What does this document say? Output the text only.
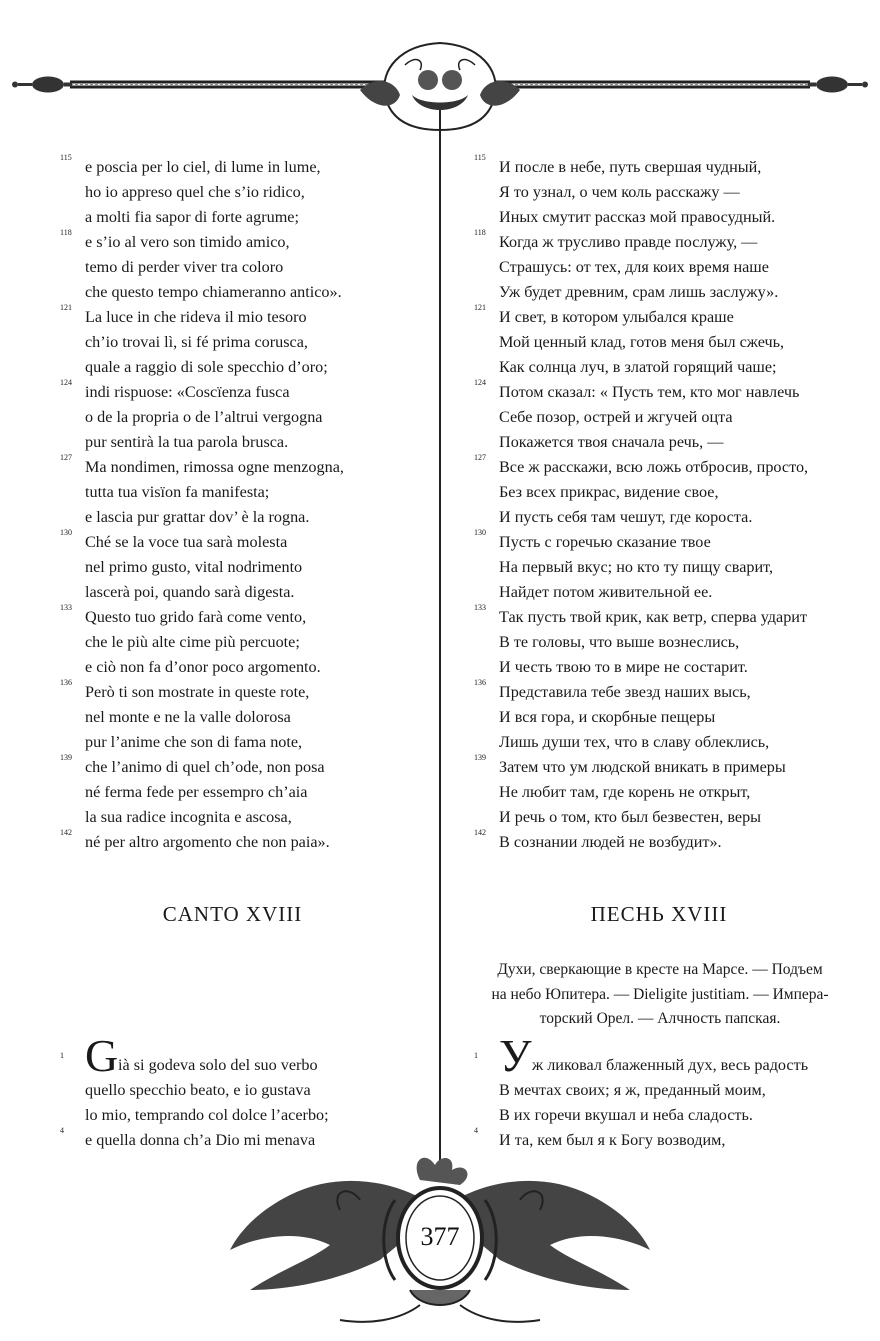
115
e poscia per lo ciel, di lume in lume,
ho io appreso quel che s’io ridico,
a molti fia sapor di forte agrume;
118
e s’io al vero son timido amico,
temo di perder viver tra coloro
che questo tempo chiameranno antico».
121
La luce in che rideva il mio tesoro
ch’io trovai lì, si fé prima corusca,
quale a raggio di sole specchio d’oro;
124
indi rispuose: «Coscïenza fusca
o de la propria o de l’altrui vergogna
pur sentirà la tua parola brusca.
127
Ma nondimen, rimossa ogne menzogna,
tutta tua visïon fa manifesta;
e lascia pur grattar dov’ è la rogna.
130
Ché se la voce tua sarà molesta
nel primo gusto, vital nodrimento
lascerà poi, quando sarà digesta.
133
Questo tuo grido farà come vento,
che le più alte cime più percuote;
e ciò non fa d’onor poco argomento.
136
Però ti son mostrate in queste rote,
nel monte e ne la valle dolorosa
pur l’anime che son di fama note,
139
che l’animo di quel ch’ode, non posa
né ferma fede per essempro ch’aia
la sua radice incognita e ascosa,
142
né per altro argomento che non paia».
CANTO XVIII
1 G ià si godeva solo del suo verbo
quello specchio beato, e io gustava
lo mio, temprando col dolce l’acerbo;
4
e quella donna ch’a Dio mi menava
115
И после в небе, путь свершая чудный,
Я то узнал, о чем коль расскажу —
Иных смутит рассказ мой правосудный.
118
Когда ж трусливо правде послужу, —
Страшусь: от тех, для коих время наше
Уж будет древним, срам лишь заслужу».
121
И свет, в котором улыбался краше
Мой ценный клад, готов меня был сжечь,
Как солнца луч, в златой горящий чаше;
124
Потом сказал: « Пусть тем, кто мог навлечь
Себе позор, острей и жгучей оцта
Покажется твоя сначала речь, —
127
Все ж расскажи, всю ложь отбросив, просто,
Без всех прикрас, видение свое,
И пусть себя там чешут, где короста.
130
Пусть с горечью сказание твое
На первый вкус; но кто ту пищу сварит,
Найдет потом живительной ее.
133
Так пусть твой крик, как ветр, сперва ударит
В те головы, что выше вознеслись,
И честь твою то в мире не состарит.
136
Представила тебе звезд наших высь,
И вся гора, и скорбные пещеры
Лишь души тех, что в славу облеклись,
139
Затем что ум людской вникать в примеры
Не любит там, где корень не открыт,
И речь о том, кто был безвестен, веры
142
В сознании людей не возбудит».
ПЕСНЬ XVIII
Духи, сверкающие в кресте на Марсе. — Подъем
на небо Юпитера. — Dieligite justitiam. — Импера-
торский Орел. — Алчность папская.
1 У ж ликовал блаженный дух, весь радость
В мечтах своих; я ж, преданный моим,
В их горечи вкушал и неба сладость.
4
И та, кем был я к Богу возводим,
377
